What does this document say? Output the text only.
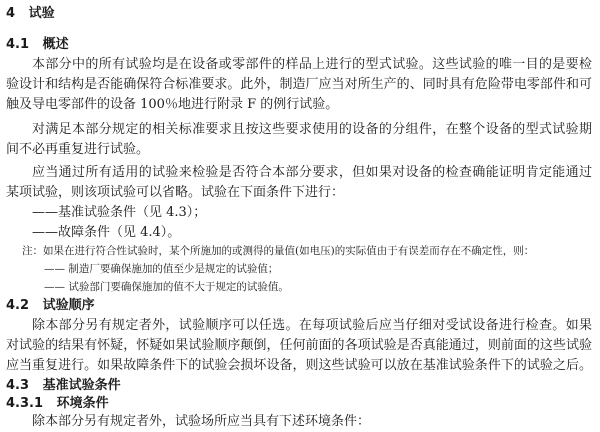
4 试验
4.1 概述
本部分中的所有试验均是在设备或零部件的样品上进行的型式试验。这些试验的唯一目的是要检
验设计和结构是否能确保符合标准要求。此外，制造厂应当对所生产的、同时具有危险带电零部件和可
触及导电零部件的设备 100％地进行附录 F 的例行试验。
对满足本部分规定的相关标准要求且按这些要求使用的设备的分组件，在整个设备的型式试验期
间不必再重复进行试验。
应当通过所有适用的试验来检验是否符合本部分要求，但如果对设备的检查确能证明肯定能通过
某项试验，则该项试验可以省略。试验在下面条件下进行：
——基准试验条件（见 4.3）；
——故障条件（见 4.4）。
注：如果在进行符合性试验时，某个所施加的或测得的量值(如电压)的实际值由于有误差而存在不确定性，则：
—— 制造厂要确保施加的值至少是规定的试验值；
—— 试验部门要确保施加的值不大于规定的试验值。
4.2 试验顺序
除本部分另有规定者外，试验顺序可以任选。在每项试验后应当仔细对受试设备进行检查。如果
对试验的结果有怀疑，怀疑如果试验顺序颠倒，任何前面的各项试验是否真能通过，则前面的这些试验
应当重复进行。如果故障条件下的试验会损坏设备，则这些试验可以放在基准试验条件下的试验之后。
4.3 基准试验条件
4.3.1 环境条件
除本部分另有规定者外，试验场所应当具有下述环境条件：
